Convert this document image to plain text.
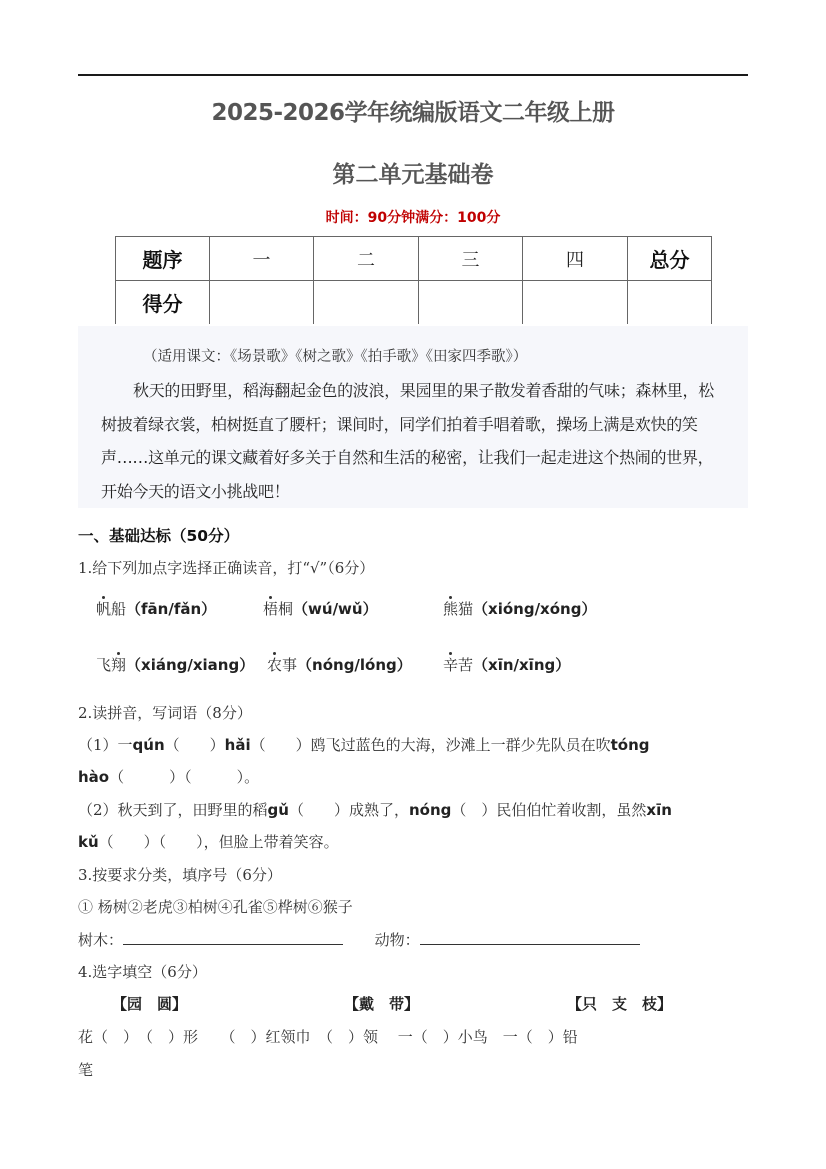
2025-2026学年统编版语文二年级上册
第二单元基础卷
时间：90分钟满分：100分
题序	一	二	三	四	总分
得分					
（适用课文：《场景歌》《树之歌》《拍手歌》《田家四季歌》）
秋天的田野里，稻海翻起金色的波浪，果园里的果子散发着香甜的气味；森林里，松树披着绿衣裳，柏树挺直了腰杆；课间时，同学们拍着手唱着歌，操场上满是欢快的笑声……这单元的课文藏着好多关于自然和生活的秘密，让我们一起走进这个热闹的世界，开始今天的语文小挑战吧！
一、基础达标（50分）
1.给下列加点字选择正确读音，打“√”（6分）
帆船（fān/fǎn）	梧桐（wú/wǔ）	熊猫（xióng/xóng）
飞翔（xiáng/xiang） 农事（nóng/lóng） 辛苦（xīn/xīng）
2.读拼音，写词语（8分）
（1）一qún（　　）hǎi（　　）鸥飞过蓝色的大海，沙滩上一群少先队员在吹tóng
hào（　　　）（　　　）。
（2）秋天到了，田野里的稻gǔ（　　）成熟了，nóng（　）民伯伯忙着收割，虽然xīn
kǔ（　　）（　　），但脸上带着笑容。
3.按要求分类，填序号（6分）
① 杨树②老虎③柏树④孔雀⑤桦树⑥猴子
树木：	动物：
4.选字填空（6分）
【园　圆】	【戴　带】	【只　支　枝】
花（　）　（　）形　　（　）红领巾　（　）领　 一（　）小鸟　一（　）铅
笔
